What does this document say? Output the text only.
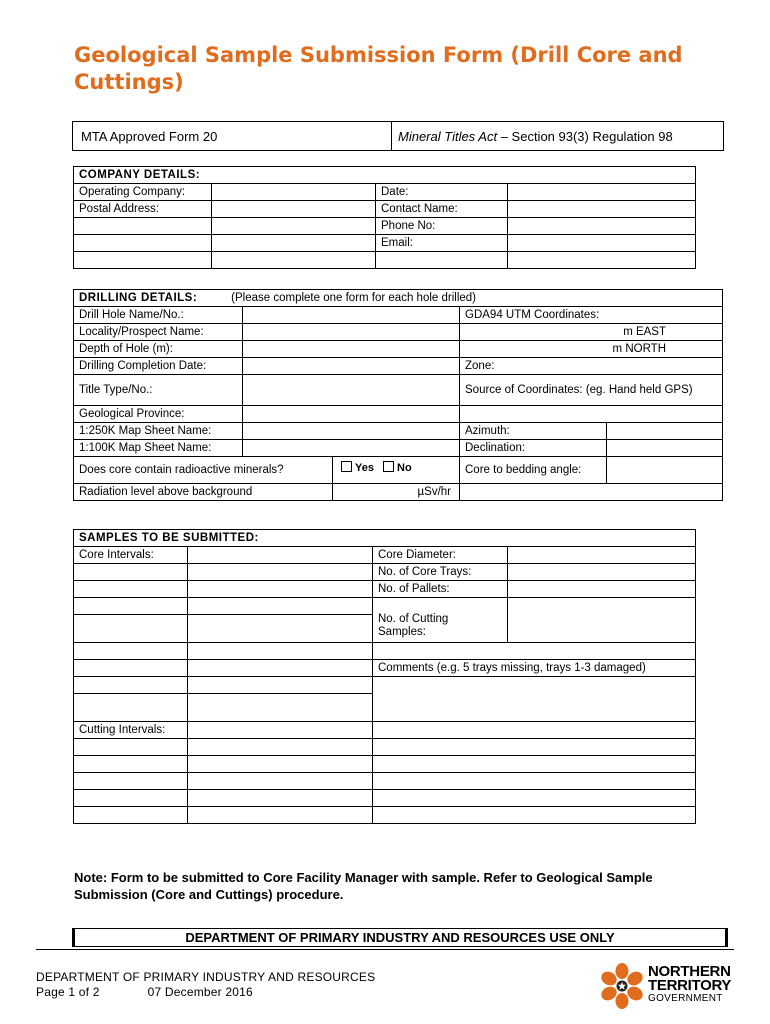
Geological Sample Submission Form (Drill Core and Cuttings)
MTA Approved Form 20	Mineral Titles Act – Section 93(3) Regulation 98
COMPANY DETAILS:			
Operating Company:		Date:	
Postal Address:		Contact Name:	
		Phone No:	
		Email:	

DRILLING DETAILS: (Please complete one form for each hole drilled)				
Drill Hole Name/No.:			GDA94 UTM Coordinates:	
Locality/Prospect Name:			m EAST	
Depth of Hole (m):			m NORTH	
Drilling Completion Date:			Zone:	
Title Type/No.:			Source of Coordinates: (eg. Hand held GPS)	
Geological Province:				
1:250K Map Sheet Name:			Azimuth:	
1:100K Map Sheet Name:			Declination:	
Does core contain radioactive minerals?		Yes No	Core to bedding angle:	
Radiation level above background		µSv/hr		
SAMPLES TO BE SUBMITTED:			
Core Intervals:		Core Diameter:	
		No. of Core Trays:	
		No. of Pallets:	
		No. of Cutting Samples:	

		Comments (e.g. 5 trays missing, trays 1-3 damaged)	

Cutting Intervals:			

Note: Form to be submitted to Core Facility Manager with sample. Refer to Geological Sample Submission (Core and Cuttings) procedure.
DEPARTMENT OF PRIMARY INDUSTRY AND RESOURCES USE ONLY
DEPARTMENT OF PRIMARY INDUSTRY AND RESOURCES
Page 1 of 2	07 December 2016
NORTHERN
TERRITORY
GOVERNMENT
